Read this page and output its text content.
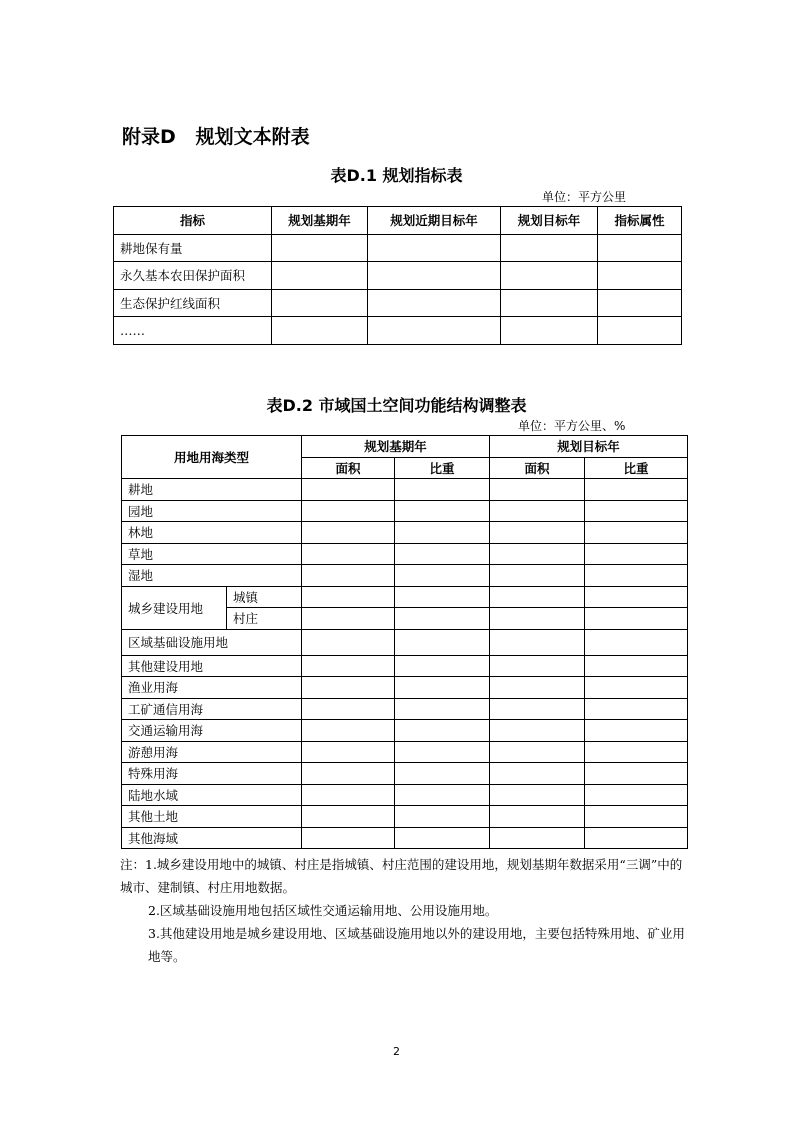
附录D   规划文本附表
表D.1 规划指标表
单位：平方公里
指标	规划基期年	规划近期目标年	规划目标年	指标属性
耕地保有量				
永久基本农田保护面积				
生态保护红线面积				
……				
表D.2 市域国土空间功能结构调整表
单位：平方公里、%
用地用海类型		规划基期年		规划目标年	
		面积	比重	面积	比重
耕地					
园地					
林地					
草地					
湿地					
城乡建设用地	城镇				
	村庄				
区域基础设施用地					
其他建设用地					
渔业用海					
工矿通信用海					
交通运输用海					
游憩用海					
特殊用海					
陆地水域					
其他土地					
其他海域					

注：1.城乡建设用地中的城镇、村庄是指城镇、村庄范围的建设用地，规划基期年数据采用“三调”中的城市、建制镇、村庄用地数据。

2.区域基础设施用地包括区域性交通运输用地、公用设施用地。

3.其他建设用地是城乡建设用地、区域基础设施用地以外的建设用地，主要包括特殊用地、矿业用地等。

2
